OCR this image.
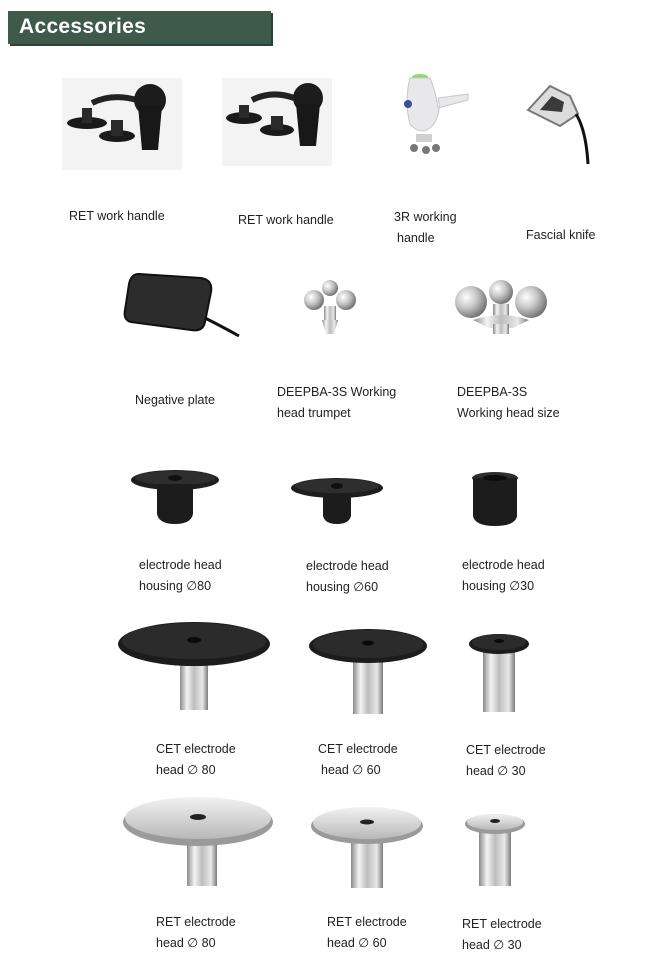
Accessories
RET work handle	RET work handle	3R working
handle	Fascial knife
Negative plate
DEEPBA-3S Working
head trumpet
DEEPBA-3S
Working head size
electrode head
housing ∅80
electrode head
housing ∅60
electrode head
housing ∅30
CET electrode
head ∅ 80
CET electrode
head ∅ 60
CET electrode
head ∅ 30
RET electrode
head ∅ 80
RET electrode
head ∅ 60
RET electrode
head ∅ 30
